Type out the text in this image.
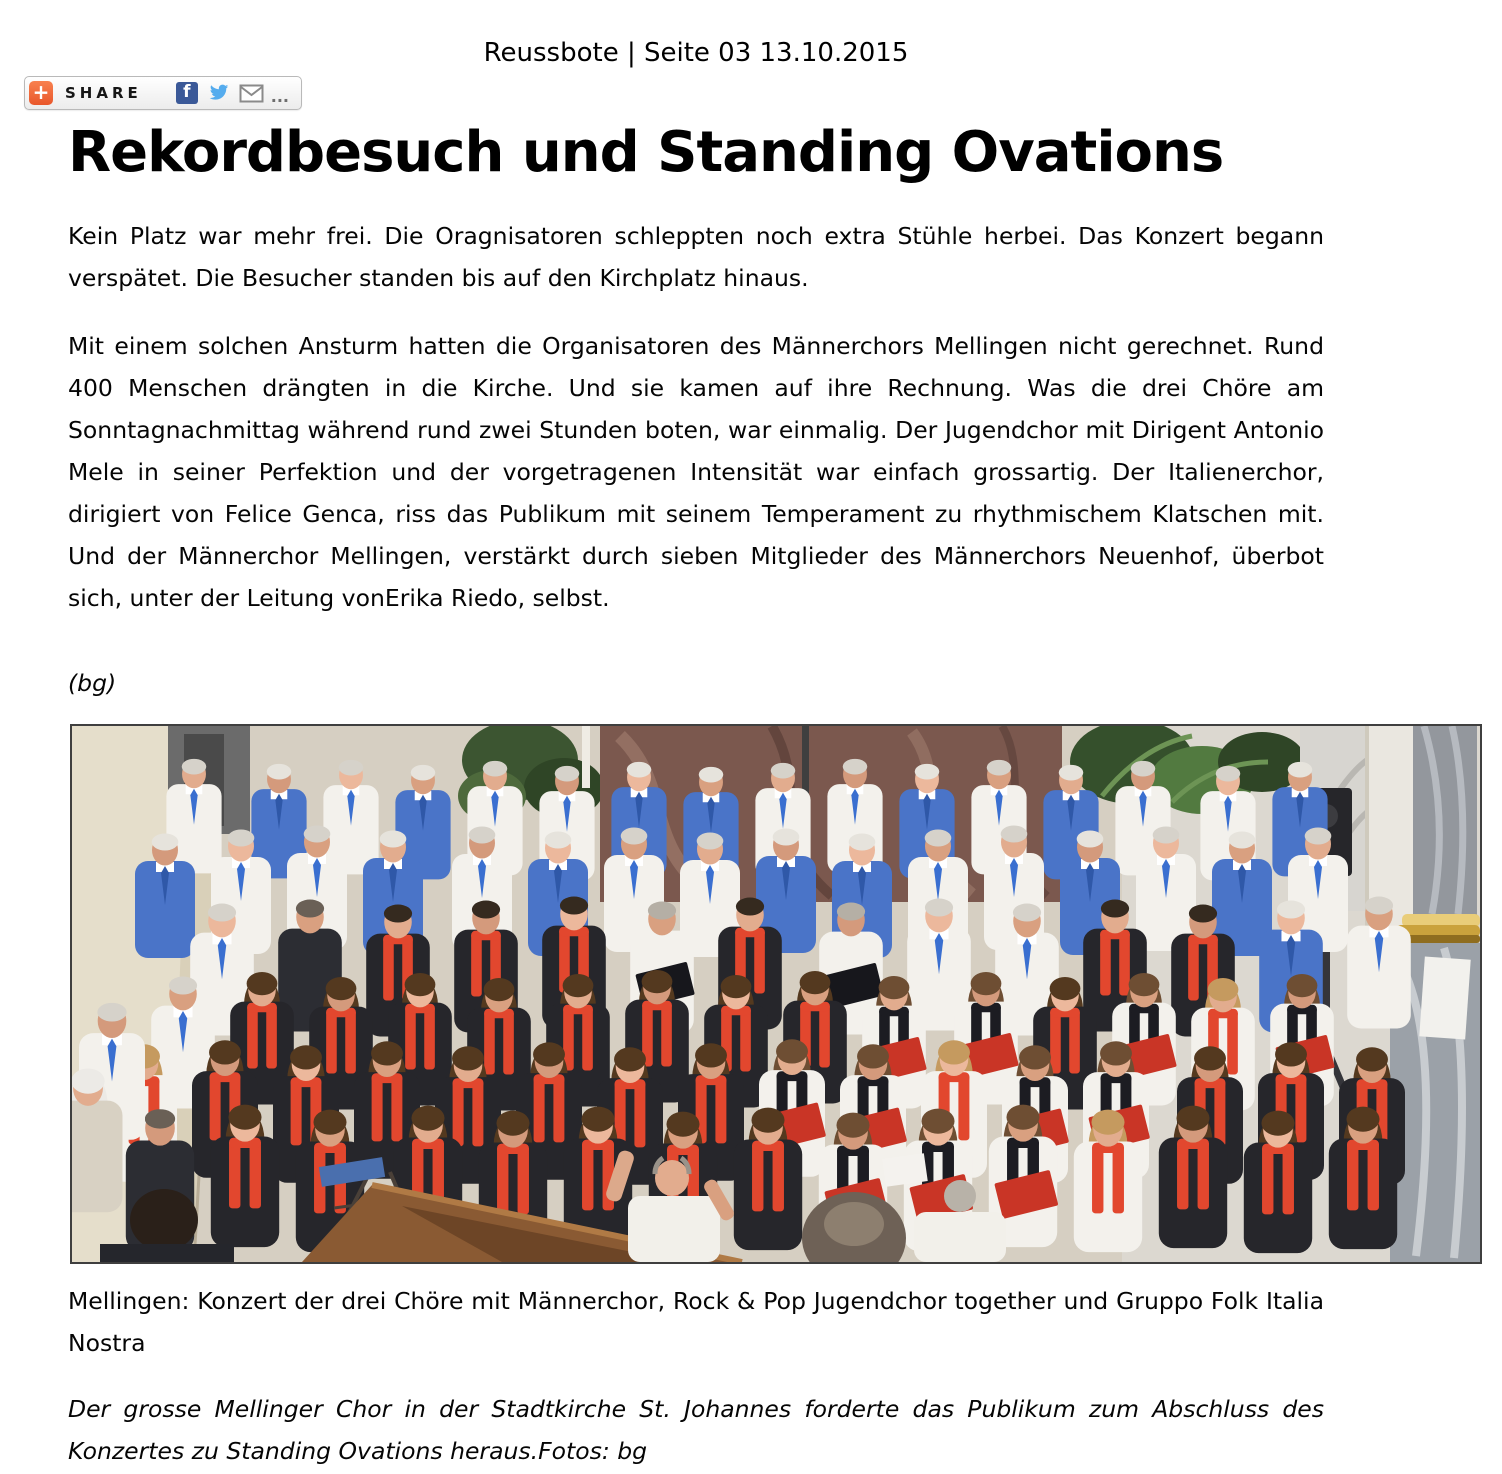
Reussbote | Seite 03 13.10.2015
+ SHARE	f	...
Rekordbesuch und Standing Ovations

Kein Platz war mehr frei. Die Oragnisatoren schleppten noch extra Stühle herbei. Das Konzert begann verspätet. Die Besucher standen bis auf den Kirchplatz hinaus.

Mit einem solchen Ansturm hatten die Organisatoren des Männerchors Mellingen nicht gerechnet. Rund 400 Menschen drängten in die Kirche. Und sie kamen auf ihre Rechnung. Was die drei Chöre am Sonntagnachmittag während rund zwei Stunden boten, war einmalig. Der Jugendchor mit Dirigent Antonio Mele in seiner Perfektion und der vorgetragenen Intensität war einfach grossartig. Der Italienerchor, dirigiert von Felice Genca, riss das Publikum mit seinem Temperament zu rhythmischem Klatschen mit. Und der Männerchor Mellingen, verstärkt durch sieben Mitglieder des Männerchors Neuenhof, überbot sich, unter der Leitung vonErika Riedo, selbst.

(bg)

Mellingen: Konzert der drei Chöre mit Männerchor, Rock & Pop Jugendchor together und Gruppo Folk Italia Nostra

Der grosse Mellinger Chor in der Stadtkirche St. Johannes forderte das Publikum zum Abschluss des Konzertes zu Standing Ovations heraus.Fotos: bg
